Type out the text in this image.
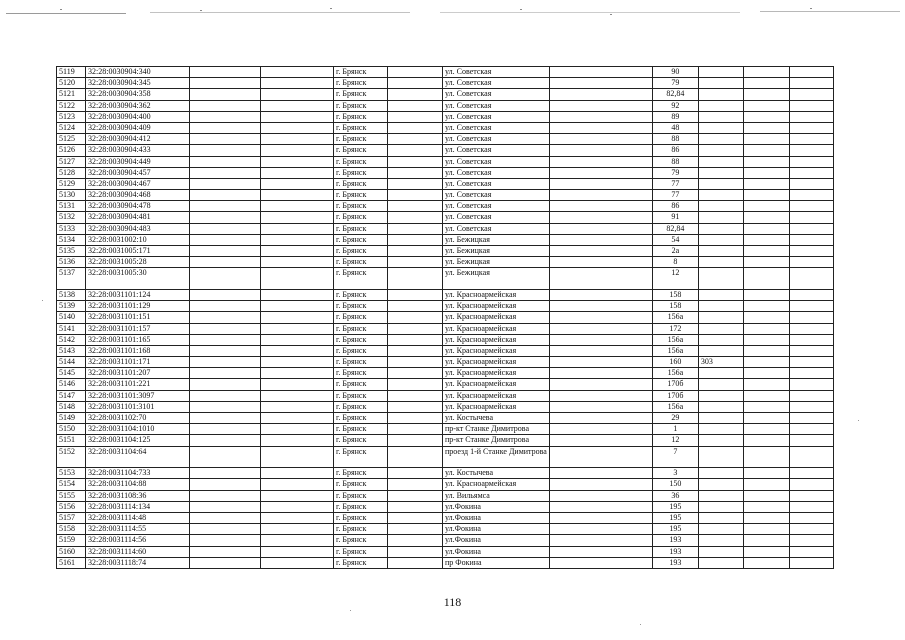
5119	32:28:0030904:340			г. Брянск		ул. Советская		90			
5120	32:28:0030904:345			г. Брянск		ул. Советская		79			
5121	32:28:0030904:358			г. Брянск		ул. Советская		82,84			
5122	32:28:0030904:362			г. Брянск		ул. Советская		92			
5123	32:28:0030904:400			г. Брянск		ул. Советская		89			
5124	32:28:0030904:409			г. Брянск		ул. Советская		48			
5125	32:28:0030904:412			г. Брянск		ул. Советская		88			
5126	32:28:0030904:433			г. Брянск		ул. Советская		86			
5127	32:28:0030904:449			г. Брянск		ул. Советская		88			
5128	32:28:0030904:457			г. Брянск		ул. Советская		79			
5129	32:28:0030904:467			г. Брянск		ул. Советская		77			
5130	32:28:0030904:468			г. Брянск		ул. Советская		77			
5131	32:28:0030904:478			г. Брянск		ул. Советская		86			
5132	32:28:0030904:481			г. Брянск		ул. Советская		91			
5133	32:28:0030904:483			г. Брянск		ул. Советская		82,84			
5134	32:28:0031002:10			г. Брянск		ул. Бежицкая		54			
5135	32:28:0031005:171			г. Брянск		ул. Бежицкая		2а			
5136	32:28:0031005:28			г. Брянск		ул. Бежицкая		8			
5137	32:28:0031005:30			г. Брянск		ул. Бежицкая		12			
5138	32:28:0031101:124			г. Брянск		ул. Красноармейская		158			
5139	32:28:0031101:129			г. Брянск		ул. Красноармейская		158			
5140	32:28:0031101:151			г. Брянск		ул. Красноармейская		156а			
5141	32:28:0031101:157			г. Брянск		ул. Красноармейская		172			
5142	32:28:0031101:165			г. Брянск		ул. Красноармейская		156а			
5143	32:28:0031101:168			г. Брянск		ул. Красноармейская		156а			
5144	32:28:0031101:171			г. Брянск		ул. Красноармейская		160	303		
5145	32:28:0031101:207			г. Брянск		ул. Красноармейская		156а			
5146	32:28:0031101:221			г. Брянск		ул. Красноармейская		170б			
5147	32:28:0031101:3097			г. Брянск		ул. Красноармейская		170б			
5148	32:28:0031101:3101			г. Брянск		ул. Красноармейская		156а			
5149	32:28:0031102:70			г. Брянск		ул. Костычева		29			
5150	32:28:0031104:1010			г. Брянск		пр-кт Станке Димитрова		1			
5151	32:28:0031104:125			г. Брянск		пр-кт Станке Димитрова		12			
5152	32:28:0031104:64			г. Брянск		проезд 1-й Станке Димитрова		7			
5153	32:28:0031104:733			г. Брянск		ул. Костычева		3			
5154	32:28:0031104:88			г. Брянск		ул. Красноармейская		150			
5155	32:28:0031108:36			г. Брянск		ул. Вильямса		36			
5156	32:28:0031114:134			г. Брянск		ул.Фокина		195			
5157	32:28:0031114:48			г. Брянск		ул.Фокина		195			
5158	32:28:0031114:55			г. Брянск		ул.Фокина		195			
5159	32:28:0031114:56			г. Брянск		ул.Фокина		193			
5160	32:28:0031114:60			г. Брянск		ул.Фокина		193			
5161	32:28:0031118:74			г. Брянск		пр Фокина		193			
118
